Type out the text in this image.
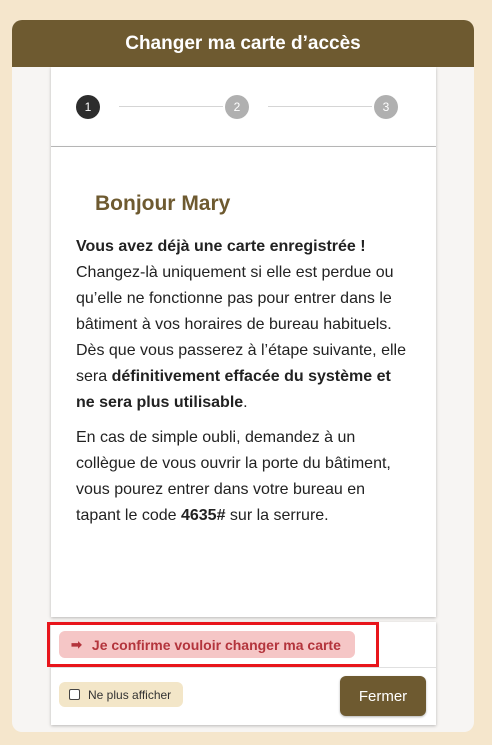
Changer ma carte d’accès
1	2	3
Bonjour Mary

Vous avez déjà une carte enregistrée ! Changez-là uniquement si elle est perdue ou qu’elle ne fonctionne pas pour entrer dans le bâtiment à vos horaires de bureau habituels.
Dès que vous passerez à l’étape suivante, elle sera définitivement effacée du système et ne sera plus utilisable.

En cas de simple oubli, demandez à un collègue de vous ouvrir la porte du bâtiment, vous pourez entrer dans votre bureau en tapant le code 4635# sur la serrure.

➡ Je confirme vouloir changer ma carte
Ne plus afficher	Fermer
